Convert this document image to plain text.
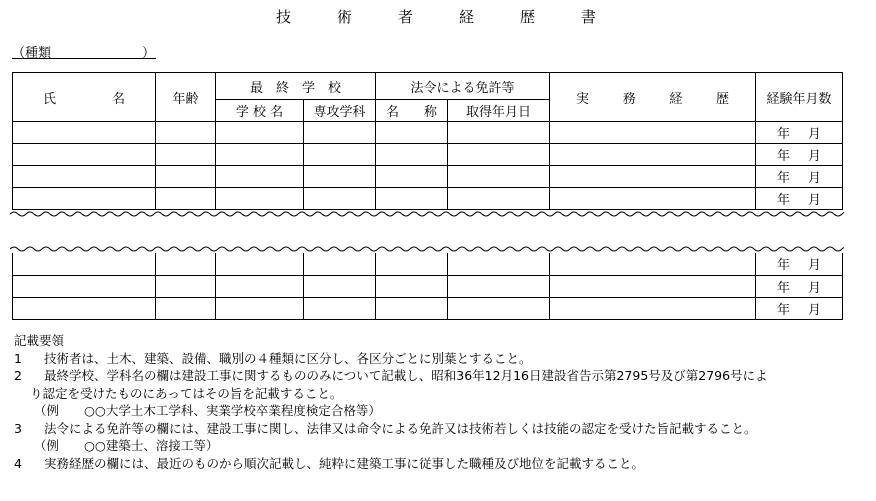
技	術	者	経	歴	書
（種類　　　　　　　）
氏 名	年齢	最　終　学　校		法令による免許等		実 務 経 歴	経験年月数
		学 校 名	専攻学科	名 称	取得年月日		
							年 月
							年 月
							年 月
							年 月
							年 月
							年 月
							年 月
記載要領
1 技術者は、土木、建築、設備、職別の４種類に区分し、各区分ごとに別葉とすること。
2 最終学校、学科名の欄は建設工事に関するもののみについて記載し、昭和36年12月16日建設省告示第2795号及び第2796号によ
り認定を受けたものにあってはその旨を記載すること。
（例　　○○大学土木工学科、実業学校卒業程度検定合格等）
3 法令による免許等の欄には、建設工事に関し、法律又は命令による免許又は技術若しくは技能の認定を受けた旨記載すること。
（例　　○○建築士、溶接工等）
4 実務経歴の欄には、最近のものから順次記載し、純粋に建築工事に従事した職種及び地位を記載すること。
